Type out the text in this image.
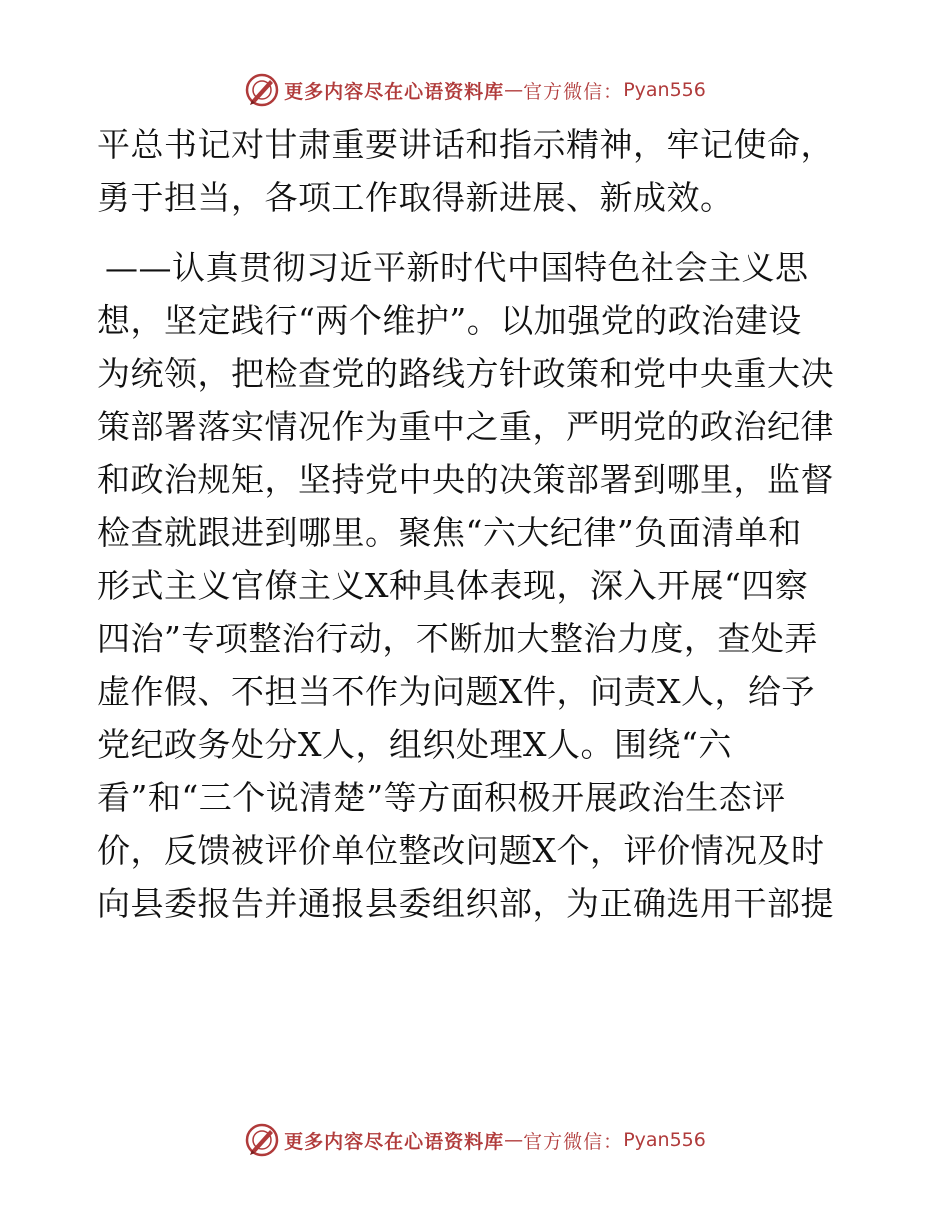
更多内容尽在心语资料库 — 官方微信： Pyan556
平总书记对甘肃重要讲话和指示精神，牢记使命，
勇于担当，各项工作取得新进展、新成效。
——认真贯彻习近平新时代中国特色社会主义思
想，坚定践行“两个维护”。以加强党的政治建设
为统领，把检查党的路线方针政策和党中央重大决
策部署落实情况作为重中之重，严明党的政治纪律
和政治规矩，坚持党中央的决策部署到哪里，监督
检查就跟进到哪里。聚焦“六大纪律”负面清单和
形式主义官僚主义X种具体表现，深入开展“四察
四治”专项整治行动，不断加大整治力度，查处弄
虚作假、不担当不作为问题X件，问责X人，给予
党纪政务处分X人，组织处理X人。围绕“六
看”和“三个说清楚”等方面积极开展政治生态评
价，反馈被评价单位整改问题X个，评价情况及时
向县委报告并通报县委组织部，为正确选用干部提
更多内容尽在心语资料库 — 官方微信： Pyan556
